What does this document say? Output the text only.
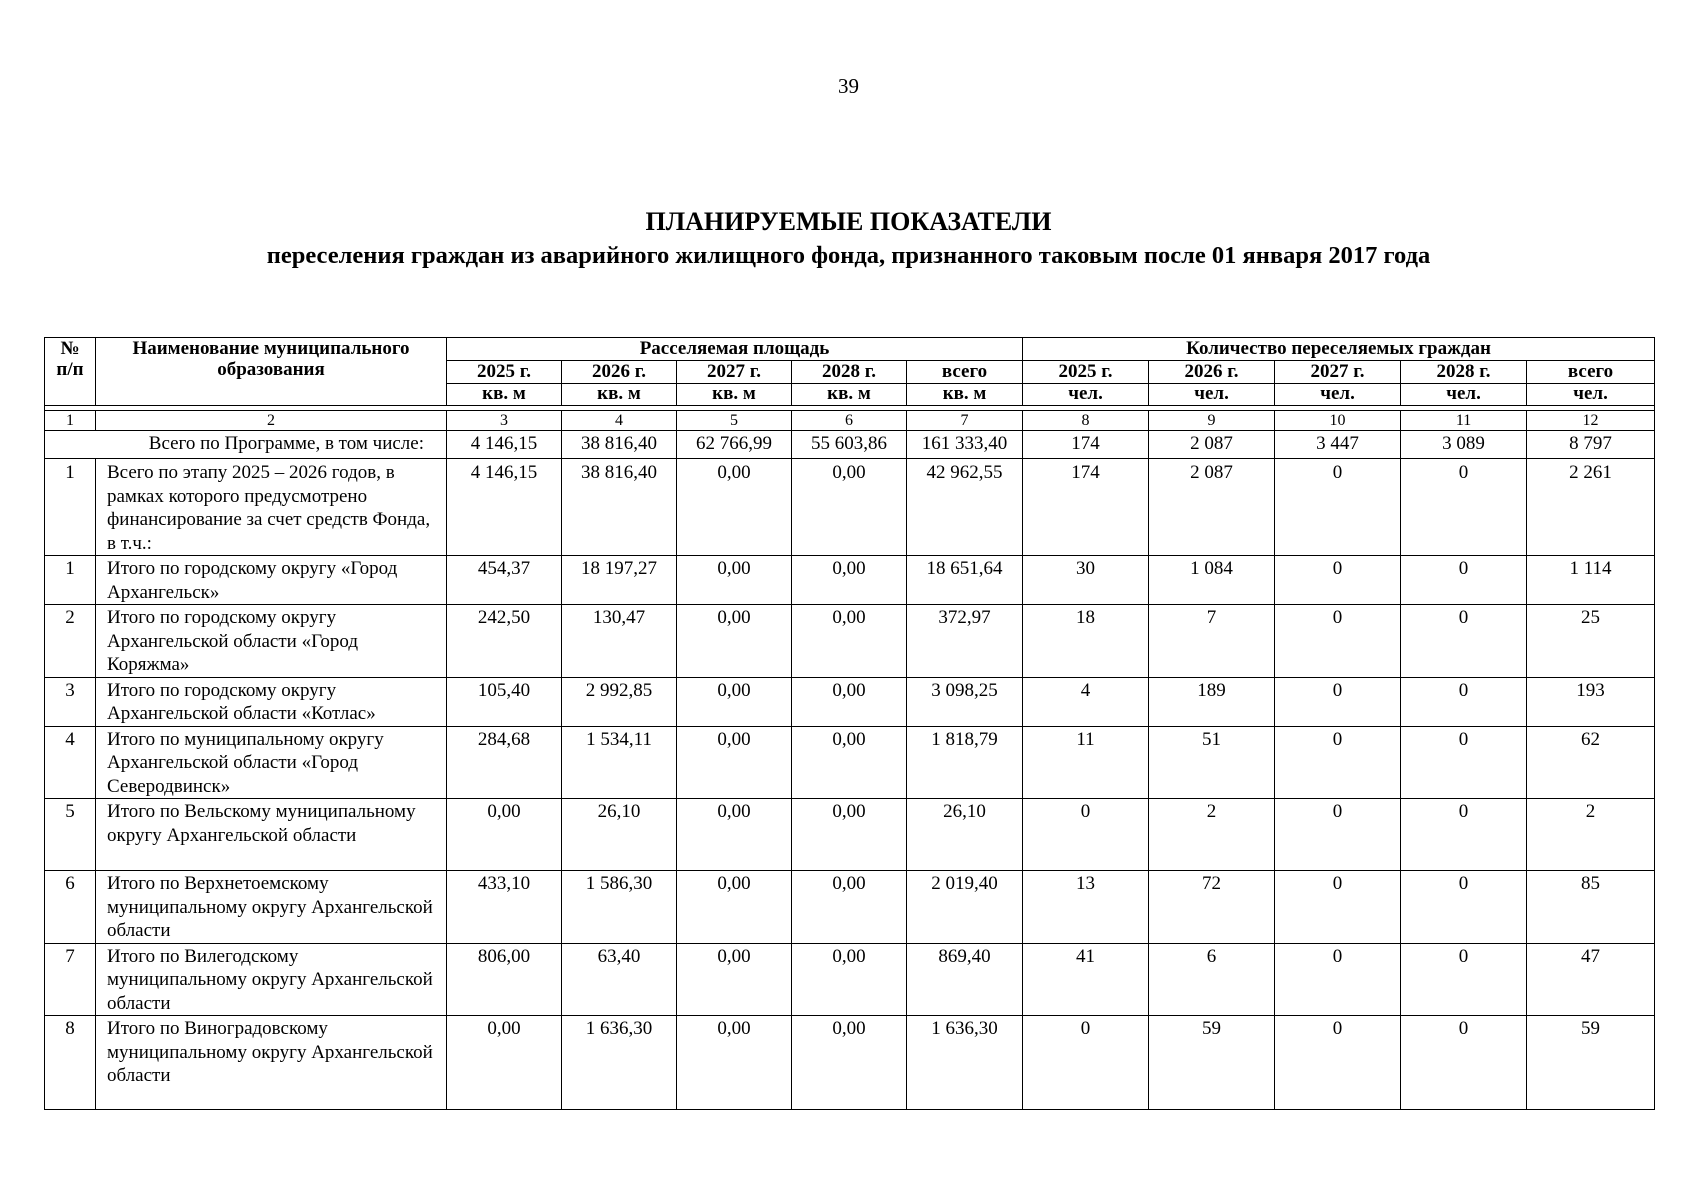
39
ПЛАНИРУЕМЫЕ ПОКАЗАТЕЛИ
переселения граждан из аварийного жилищного фонда, признанного таковым после 01 января 2017 года
№ п/п	Наименование муниципального образования	Расселяемая площадь					Количество переселяемых граждан				
		2025 г.	2026 г.	2027 г.	2028 г.	всего	2025 г.	2026 г.	2027 г.	2028 г.	всего
		кв. м	кв. м	кв. м	кв. м	кв. м	чел.	чел.	чел.	чел.	чел.

1	2	3	4	5	6	7	8	9	10	11	12
Всего по Программе, в том числе:		4 146,15	38 816,40	62 766,99	55 603,86	161 333,40	174	2 087	3 447	3 089	8 797
1	Всего по этапу 2025 – 2026 годов, в рамках которого предусмотрено финансирование за счет средств Фонда, в т.ч.:	4 146,15	38 816,40	0,00	0,00	42 962,55	174	2 087	0	0	2 261
1	Итого по городскому округу «Город Архангельск»	454,37	18 197,27	0,00	0,00	18 651,64	30	1 084	0	0	1 114
2	Итого по городскому округу Архангельской области «Город Коряжма»	242,50	130,47	0,00	0,00	372,97	18	7	0	0	25
3	Итого по городскому округу Архангельской области «Котлас»	105,40	2 992,85	0,00	0,00	3 098,25	4	189	0	0	193
4	Итого по муниципальному округу Архангельской области «Город Северодвинск»	284,68	1 534,11	0,00	0,00	1 818,79	11	51	0	0	62
5	Итого по Вельскому муниципальному округу Архангельской области	0,00	26,10	0,00	0,00	26,10	0	2	0	0	2
6	Итого по Верхнетоемскому муниципальному округу Архангельской области	433,10	1 586,30	0,00	0,00	2 019,40	13	72	0	0	85
7	Итого по Вилегодскому муниципальному округу Архангельской области	806,00	63,40	0,00	0,00	869,40	41	6	0	0	47
8	Итого по Виноградовскому муниципальному округу Архангельской области	0,00	1 636,30	0,00	0,00	1 636,30	0	59	0	0	59
